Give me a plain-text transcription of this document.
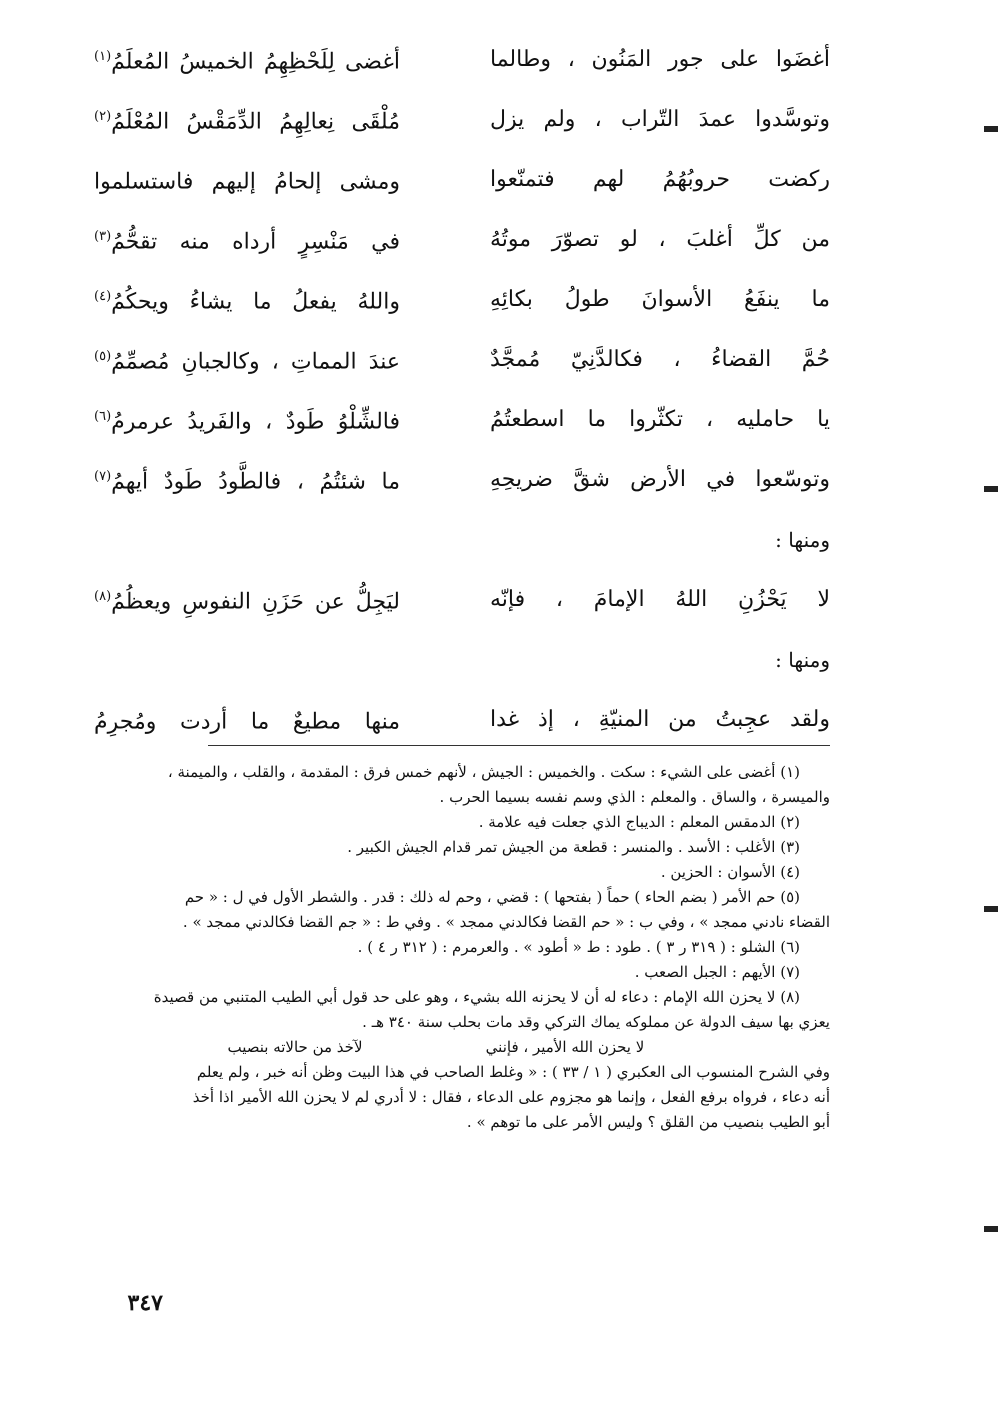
أغضَوا على جور المَنُون ، وطالما
أغضى لِلَحْظِهِمُ الخميسُ المُعلَمُ$^{(١)}$
وتوسَّدوا عمدَ التّراب ، ولم يزل
مُلْقَى نِعالِهِمُ الدِّمَقْسُ المُعْلَمُ$^{(٢)}$
ركضت حروبُهُمُ لهم فتمنّعوا
ومشى إلحامُ إليهم فاستسلموا
من كلِّ أغلبَ ، لو تصوّرَ موتُهُ
في مَنْسِرٍ أرداه منه تقحُّمُ$^{(٣)}$
ما ينفَعُ الأسوانَ طولُ بكائِهِ
واللهُ يفعلُ ما يشاءُ ويحكُمُ$^{(٤)}$
حُمَّ القضاءُ ، فكالدَّنِيّ مُمجَّدٌ
عندَ المماتِ ، وكالجبانِ مُصمِّمُ$^{(٥)}$
يا حامليه ، تكثّروا ما اسطعتُمُ
فالشِّلْوُ طَودٌ ، والفَريدُ عرمرمُ$^{(٦)}$
وتوسّعوا في الأرض شقَّ ضريحِهِ
ما شئتُمُ ، فالطَّودُ طَودٌ أيهمُ$^{(٧)}$
ومنها :
لا يَحْزُنِ اللهُ الإمامَ ، فإنّه
ليَجِلُّ عن حَزَنِ النفوسِ ويعظُمُ$^{(٨)}$
ومنها :
ولقد عجِبتُ من المنيّةِ ، إذ غدا
منها مطيعٌ ما أردت ومُجرِمُ
(١) أغضى على الشيء : سكت . والخميس : الجيش ، لأنهم خمس فرق : المقدمة ، والقلب ، والميمنة ،
والميسرة ، والساق . والمعلم : الذي وسم نفسه بسيما الحرب .
(٢) الدمقس المعلم : الديباج الذي جعلت فيه علامة .
(٣) الأغلب : الأسد . والمنسر : قطعة من الجيش تمر قدام الجيش الكبير .
(٤) الأسوان : الحزين .
(٥) حم الأمر ( بضم الحاء ) حماً ( بفتحها ) : قضي ، وحم له ذلك : قدر . والشطر الأول في ل : « حم
القضاء نادني ممجد » ، وفي ب : « حم القضا فكالدني ممجد » . وفي ط : « جم القضا فكالدني ممجد » .
(٦) الشلو : ( ٣١٩ ر ٣ ) . طود : ط « أطود » . والعرمرم : ( ٣١٢ ر ٤ ) .
(٧) الأيهم : الجبل الصعب .
(٨) لا يحزن الله الإمام : دعاء له أن لا يحزنه الله بشيء ، وهو على حد قول أبي الطيب المتنبي من قصيدة
يعزي بها سيف الدولة عن مملوكه يماك التركي وقد مات بحلب سنة ٣٤٠ هـ .
لا يحزن الله الأمير ، فإننيلآخذ من حالاته بنصيب
وفي الشرح المنسوب الى العكبري ( ١ / ٣٣ ) : « وغلط الصاحب في هذا البيت وظن أنه خبر ، ولم يعلم
أنه دعاء ، فرواه برفع الفعل ، وإنما هو مجزوم على الدعاء ، فقال : لا أدري لم لا يحزن الله الأمير اذا أخذ
أبو الطيب بنصيب من القلق ؟ وليس الأمر على ما توهم » .
٣٤٧
